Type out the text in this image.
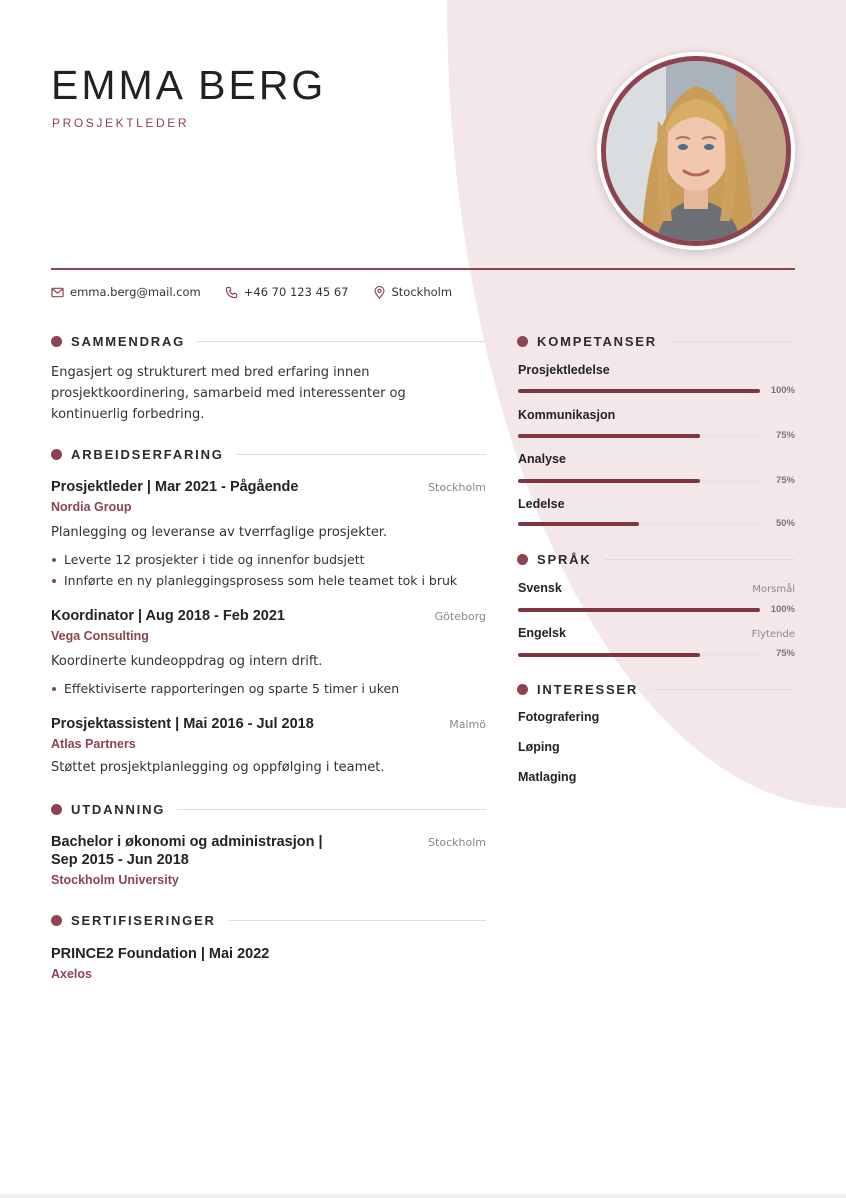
EMMA BERG
PROSJEKTLEDER
emma.berg@mail.com	+46 70 123 45 67	Stockholm
SAMMENDRAG
Engasjert og strukturert med bred erfaring innen
prosjektkoordinering, samarbeid med interessenter og
kontinuerlig forbedring.
ARBEIDSERFARING
Prosjektleder | Mar 2021 - Pågående	Stockholm
Nordia Group
Planlegging og leveranse av tverrfaglige prosjekter.
Leverte 12 prosjekter i tide og innenfor budsjett
Innførte en ny planleggingsprosess som hele teamet tok i bruk
Koordinator | Aug 2018 - Feb 2021	Göteborg
Vega Consulting
Koordinerte kundeoppdrag og intern drift.
Effektiviserte rapporteringen og sparte 5 timer i uken
Prosjektassistent | Mai 2016 - Jul 2018	Malmö
Atlas Partners
Støttet prosjektplanlegging og oppfølging i teamet.
UTDANNING
Bachelor i økonomi og administrasjon |
Sep 2015 - Jun 2018
Stockholm
Stockholm University
SERTIFISERINGER
PRINCE2 Foundation | Mai 2022
Axelos
KOMPETANSER
Prosjektledelse
100%
Kommunikasjon
75%
Analyse
75%
Ledelse
50%
SPRÅK
Svensk	Morsmål
100%
Engelsk	Flytende
75%
INTERESSER
Fotografering
Løping
Matlaging
